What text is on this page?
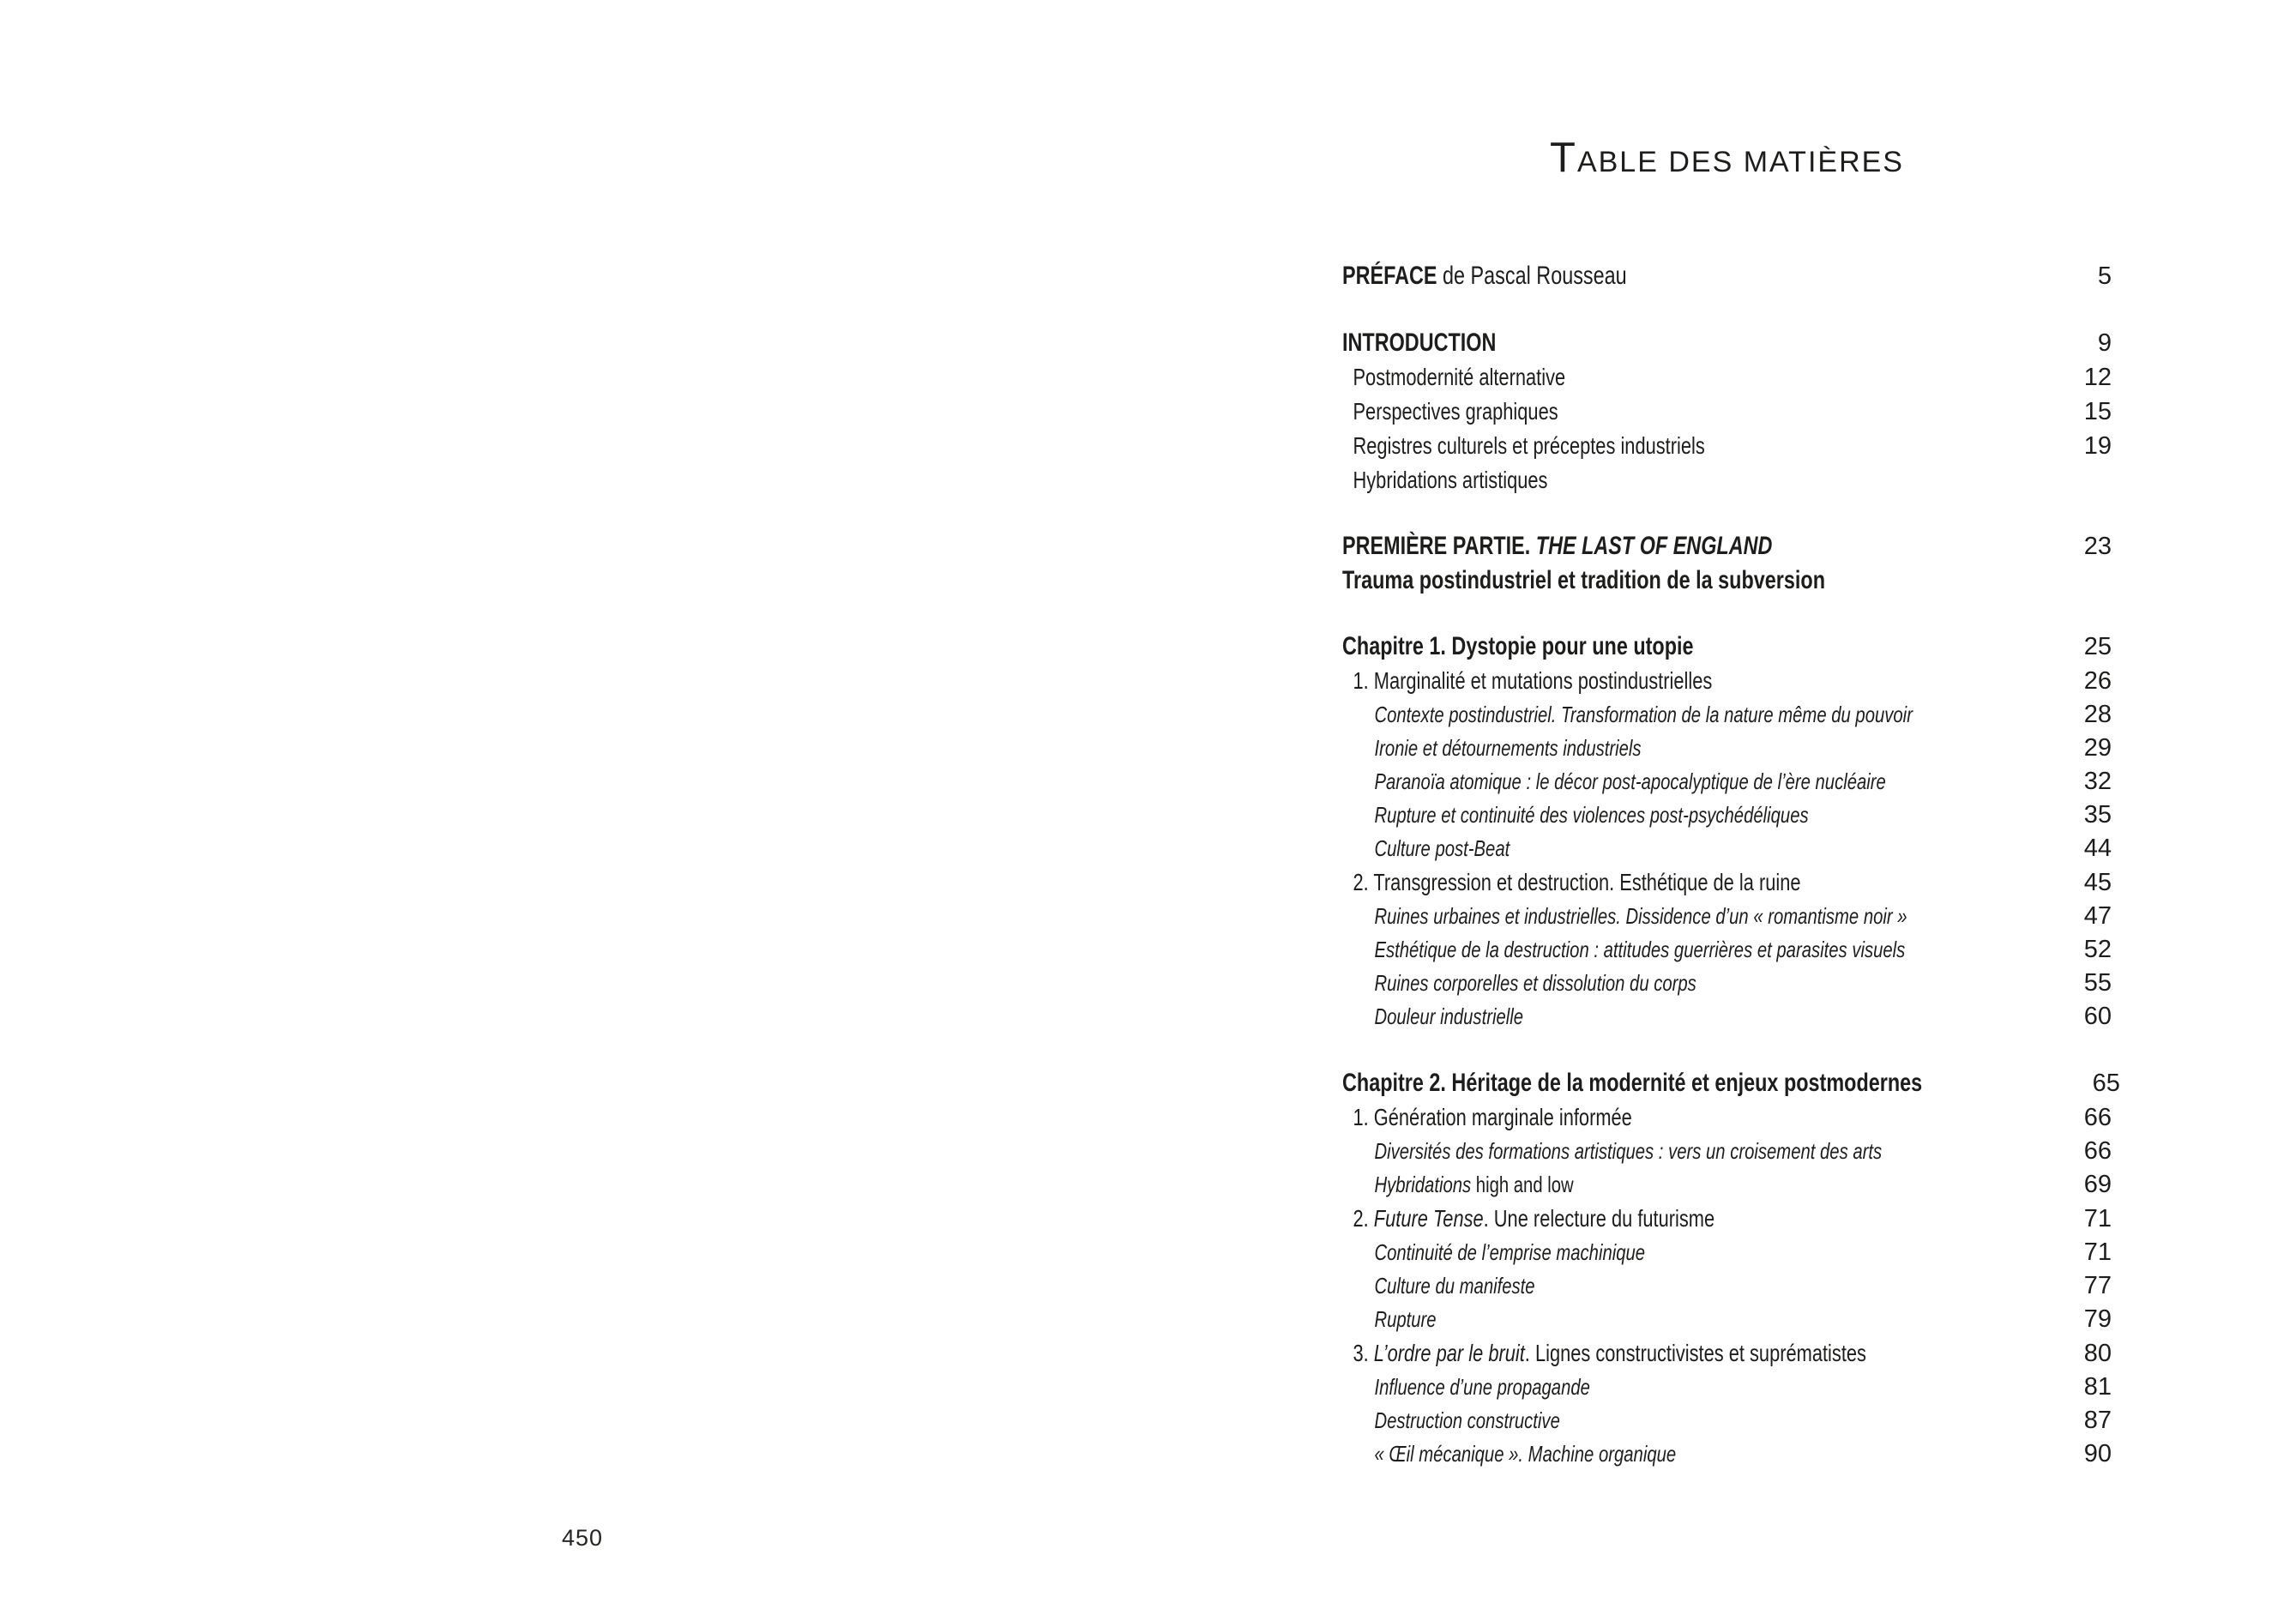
450
TABLE DES MATIÈRES
PRÉFACE de Pascal Rousseau	5
INTRODUCTION	9
Postmodernité alternative	12
Perspectives graphiques	15
Registres culturels et préceptes industriels	19
Hybridations artistiques
PREMIÈRE PARTIE. THE LAST OF ENGLAND	23
Trauma postindustriel et tradition de la subversion
Chapitre 1. Dystopie pour une utopie	25
1. Marginalité et mutations postindustrielles	26
Contexte postindustriel. Transformation de la nature même du pouvoir	28
Ironie et détournements industriels	29
Paranoïa atomique : le décor post-apocalyptique de l’ère nucléaire	32
Rupture et continuité des violences post-psychédéliques	35
Culture post-Beat	44
2. Transgression et destruction. Esthétique de la ruine	45
Ruines urbaines et industrielles. Dissidence d’un « romantisme noir »	47
Esthétique de la destruction : attitudes guerrières et parasites visuels	52
Ruines corporelles et dissolution du corps	55
Douleur industrielle	60
Chapitre 2. Héritage de la modernité et enjeux postmodernes	65
1. Génération marginale informée	66
Diversités des formations artistiques : vers un croisement des arts	66
Hybridations high and low	69
2. Future Tense. Une relecture du futurisme	71
Continuité de l’emprise machinique	71
Culture du manifeste	77
Rupture	79
3. L’ordre par le bruit. Lignes constructivistes et suprématistes	80
Influence d’une propagande	81
Destruction constructive	87
« Œil mécanique ». Machine organique	90
